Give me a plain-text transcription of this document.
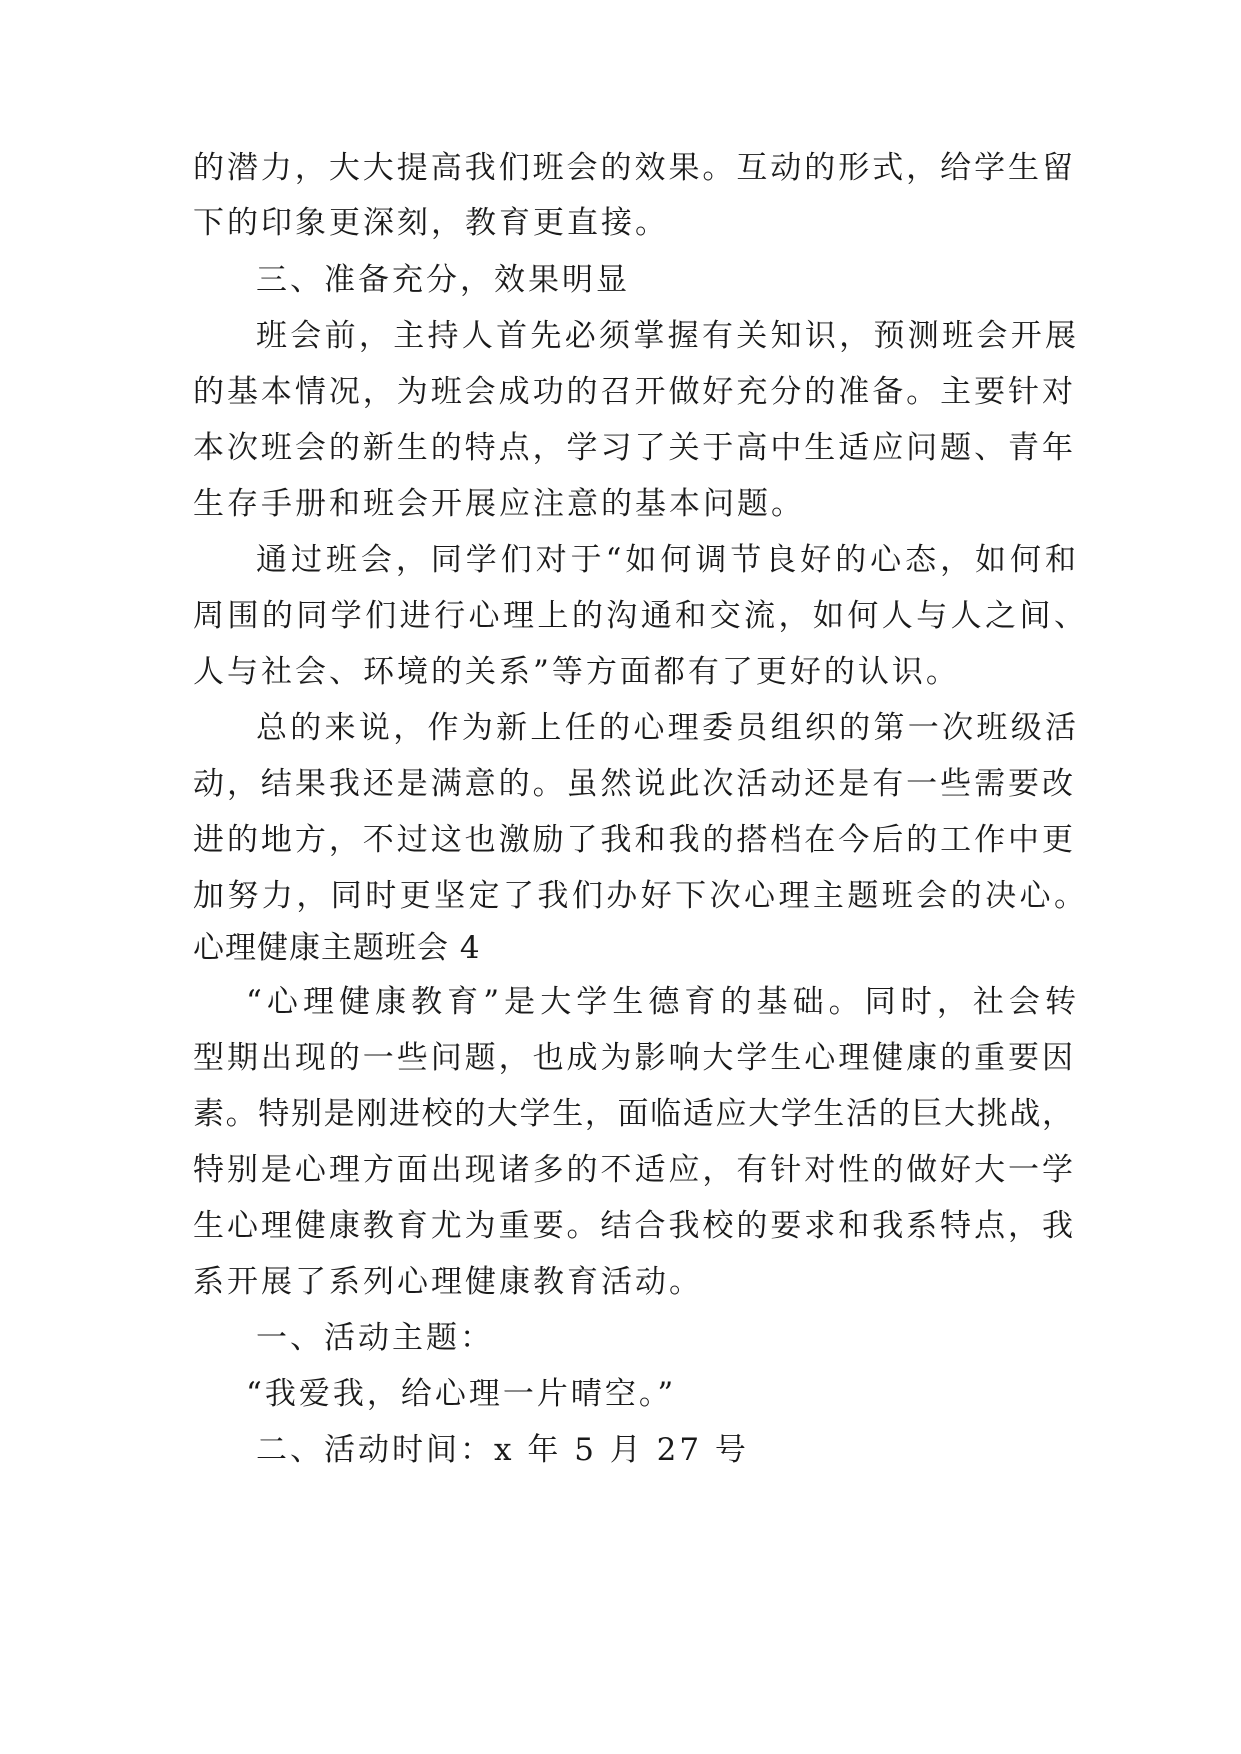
的潜力，大大提高我们班会的效果。互动的形式，给学生留
下的印象更深刻，教育更直接。
三、准备充分，效果明显
班会前，主持人首先必须掌握有关知识，预测班会开展
的基本情况，为班会成功的召开做好充分的准备。主要针对
本次班会的新生的特点，学习了关于高中生适应问题、青年
生存手册和班会开展应注意的基本问题。
通过班会，同学们对于“如何调节良好的心态，如何和
周围的同学们进行心理上的沟通和交流，如何人与人之间、
人与社会、环境的关系”等方面都有了更好的认识。
总的来说，作为新上任的心理委员组织的第一次班级活
动，结果我还是满意的。虽然说此次活动还是有一些需要改
进的地方，不过这也激励了我和我的搭档在今后的工作中更
加努力，同时更坚定了我们办好下次心理主题班会的决心。
心理健康主题班会 4
“心理健康教育”是大学生德育的基础。同时，社会转
型期出现的一些问题，也成为影响大学生心理健康的重要因
素。特别是刚进校的大学生，面临适应大学生活的巨大挑战，
特别是心理方面出现诸多的不适应，有针对性的做好大一学
生心理健康教育尤为重要。结合我校的要求和我系特点，我
系开展了系列心理健康教育活动。
一、活动主题：
“我爱我，给心理一片晴空。”
二、活动时间：x 年 5 月 27 号
